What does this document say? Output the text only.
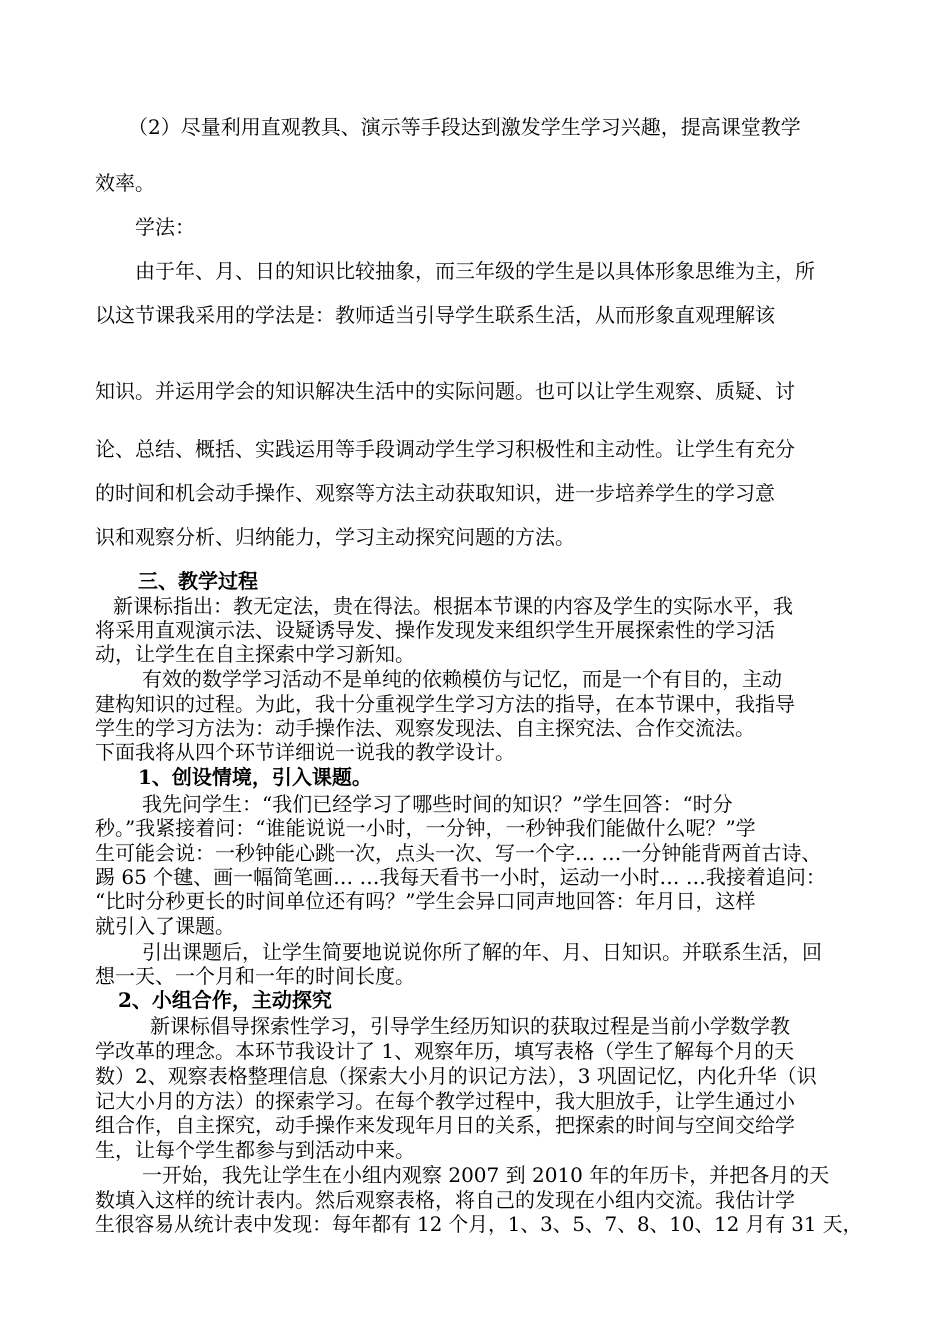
（2）尽量利用直观教具、演示等手段达到激发学生学习兴趣，提高课堂教学
效率。
学法：
由于年、月、日的知识比较抽象，而三年级的学生是以具体形象思维为主，所
以这节课我采用的学法是：教师适当引导学生联系生活，从而形象直观理解该
知识。并运用学会的知识解决生活中的实际问题。也可以让学生观察、质疑、讨
论、总结、概括、实践运用等手段调动学生学习积极性和主动性。让学生有充分
的时间和机会动手操作、观察等方法主动获取知识，进一步培养学生的学习意
识和观察分析、归纳能力，学习主动探究问题的方法。
三、教学过程
新课标指出：教无定法，贵在得法。根据本节课的内容及学生的实际水平，我
将采用直观演示法、设疑诱导发、操作发现发来组织学生开展探索性的学习活
动，让学生在自主探索中学习新知。
有效的数学学习活动不是单纯的依赖模仿与记忆，而是一个有目的，主动
建构知识的过程。为此，我十分重视学生学习方法的指导，在本节课中，我指导
学生的学习方法为：动手操作法、观察发现法、自主探究法、合作交流法。
下面我将从四个环节详细说一说我的教学设计。
1、创设情境，引入课题。
我先问学生：“我们已经学习了哪些时间的知识？”学生回答：“时分
秒。”我紧接着问：“谁能说说一小时，一分钟，一秒钟我们能做什么呢？”学
生可能会说：一秒钟能心跳一次，点头一次、写一个字… …一分钟能背两首古诗、
踢 65 个毽、画一幅简笔画… …我每天看书一小时，运动一小时… …我接着追问：
“比时分秒更长的时间单位还有吗？”学生会异口同声地回答：年月日，这样
就引入了课题。
引出课题后，让学生简要地说说你所了解的年、月、日知识。并联系生活，回
想一天、一个月和一年的时间长度。
2、小组合作，主动探究
新课标倡导探索性学习，引导学生经历知识的获取过程是当前小学数学教
学改革的理念。本环节我设计了 1、观察年历，填写表格（学生了解每个月的天
数）2、观察表格整理信息（探索大小月的识记方法），3 巩固记忆，内化升华（识
记大小月的方法）的探索学习。在每个教学过程中，我大胆放手，让学生通过小
组合作，自主探究，动手操作来发现年月日的关系，把探索的时间与空间交给学
生，让每个学生都参与到活动中来。
一开始，我先让学生在小组内观察 2007 到 2010 年的年历卡，并把各月的天
数填入这样的统计表内。然后观察表格，将自己的发现在小组内交流。我估计学
生很容易从统计表中发现：每年都有 12 个月，1、3、5、7、8、10、12 月有 31 天，
